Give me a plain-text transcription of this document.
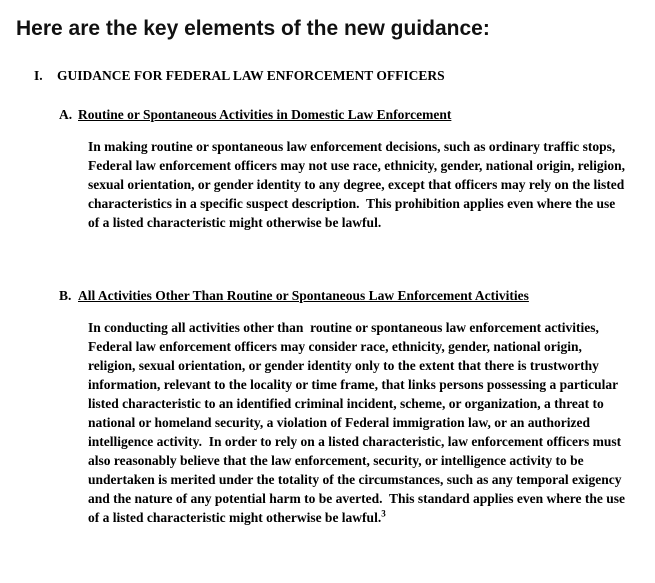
Here are the key elements of the new guidance:
I.	GUIDANCE FOR FEDERAL LAW ENFORCEMENT OFFICERS
A. Routine or Spontaneous Activities in Domestic Law Enforcement

In making routine or spontaneous law enforcement decisions, such as ordinary traffic stops, Federal law enforcement officers may not use race, ethnicity, gender, national origin, religion, sexual orientation, or gender identity to any degree, except that officers may rely on the listed characteristics in a specific suspect description.  This prohibition applies even where the use of a listed characteristic might otherwise be lawful.

B. All Activities Other Than Routine or Spontaneous Law Enforcement Activities

In conducting all activities other than  routine or spontaneous law enforcement activities, Federal law enforcement officers may consider race, ethnicity, gender, national origin, religion, sexual orientation, or gender identity only to the extent that there is trustworthy information, relevant to the locality or time frame, that links persons possessing a particular listed characteristic to an identified criminal incident, scheme, or organization, a threat to national or homeland security, a violation of Federal immigration law, or an authorized intelligence activity.  In order to rely on a listed characteristic, law enforcement officers must also reasonably believe that the law enforcement, security, or intelligence activity to be undertaken is merited under the totality of the circumstances, such as any temporal exigency and the nature of any potential harm to be averted.  This standard applies even where the use of a listed characteristic might otherwise be lawful.$^3$
